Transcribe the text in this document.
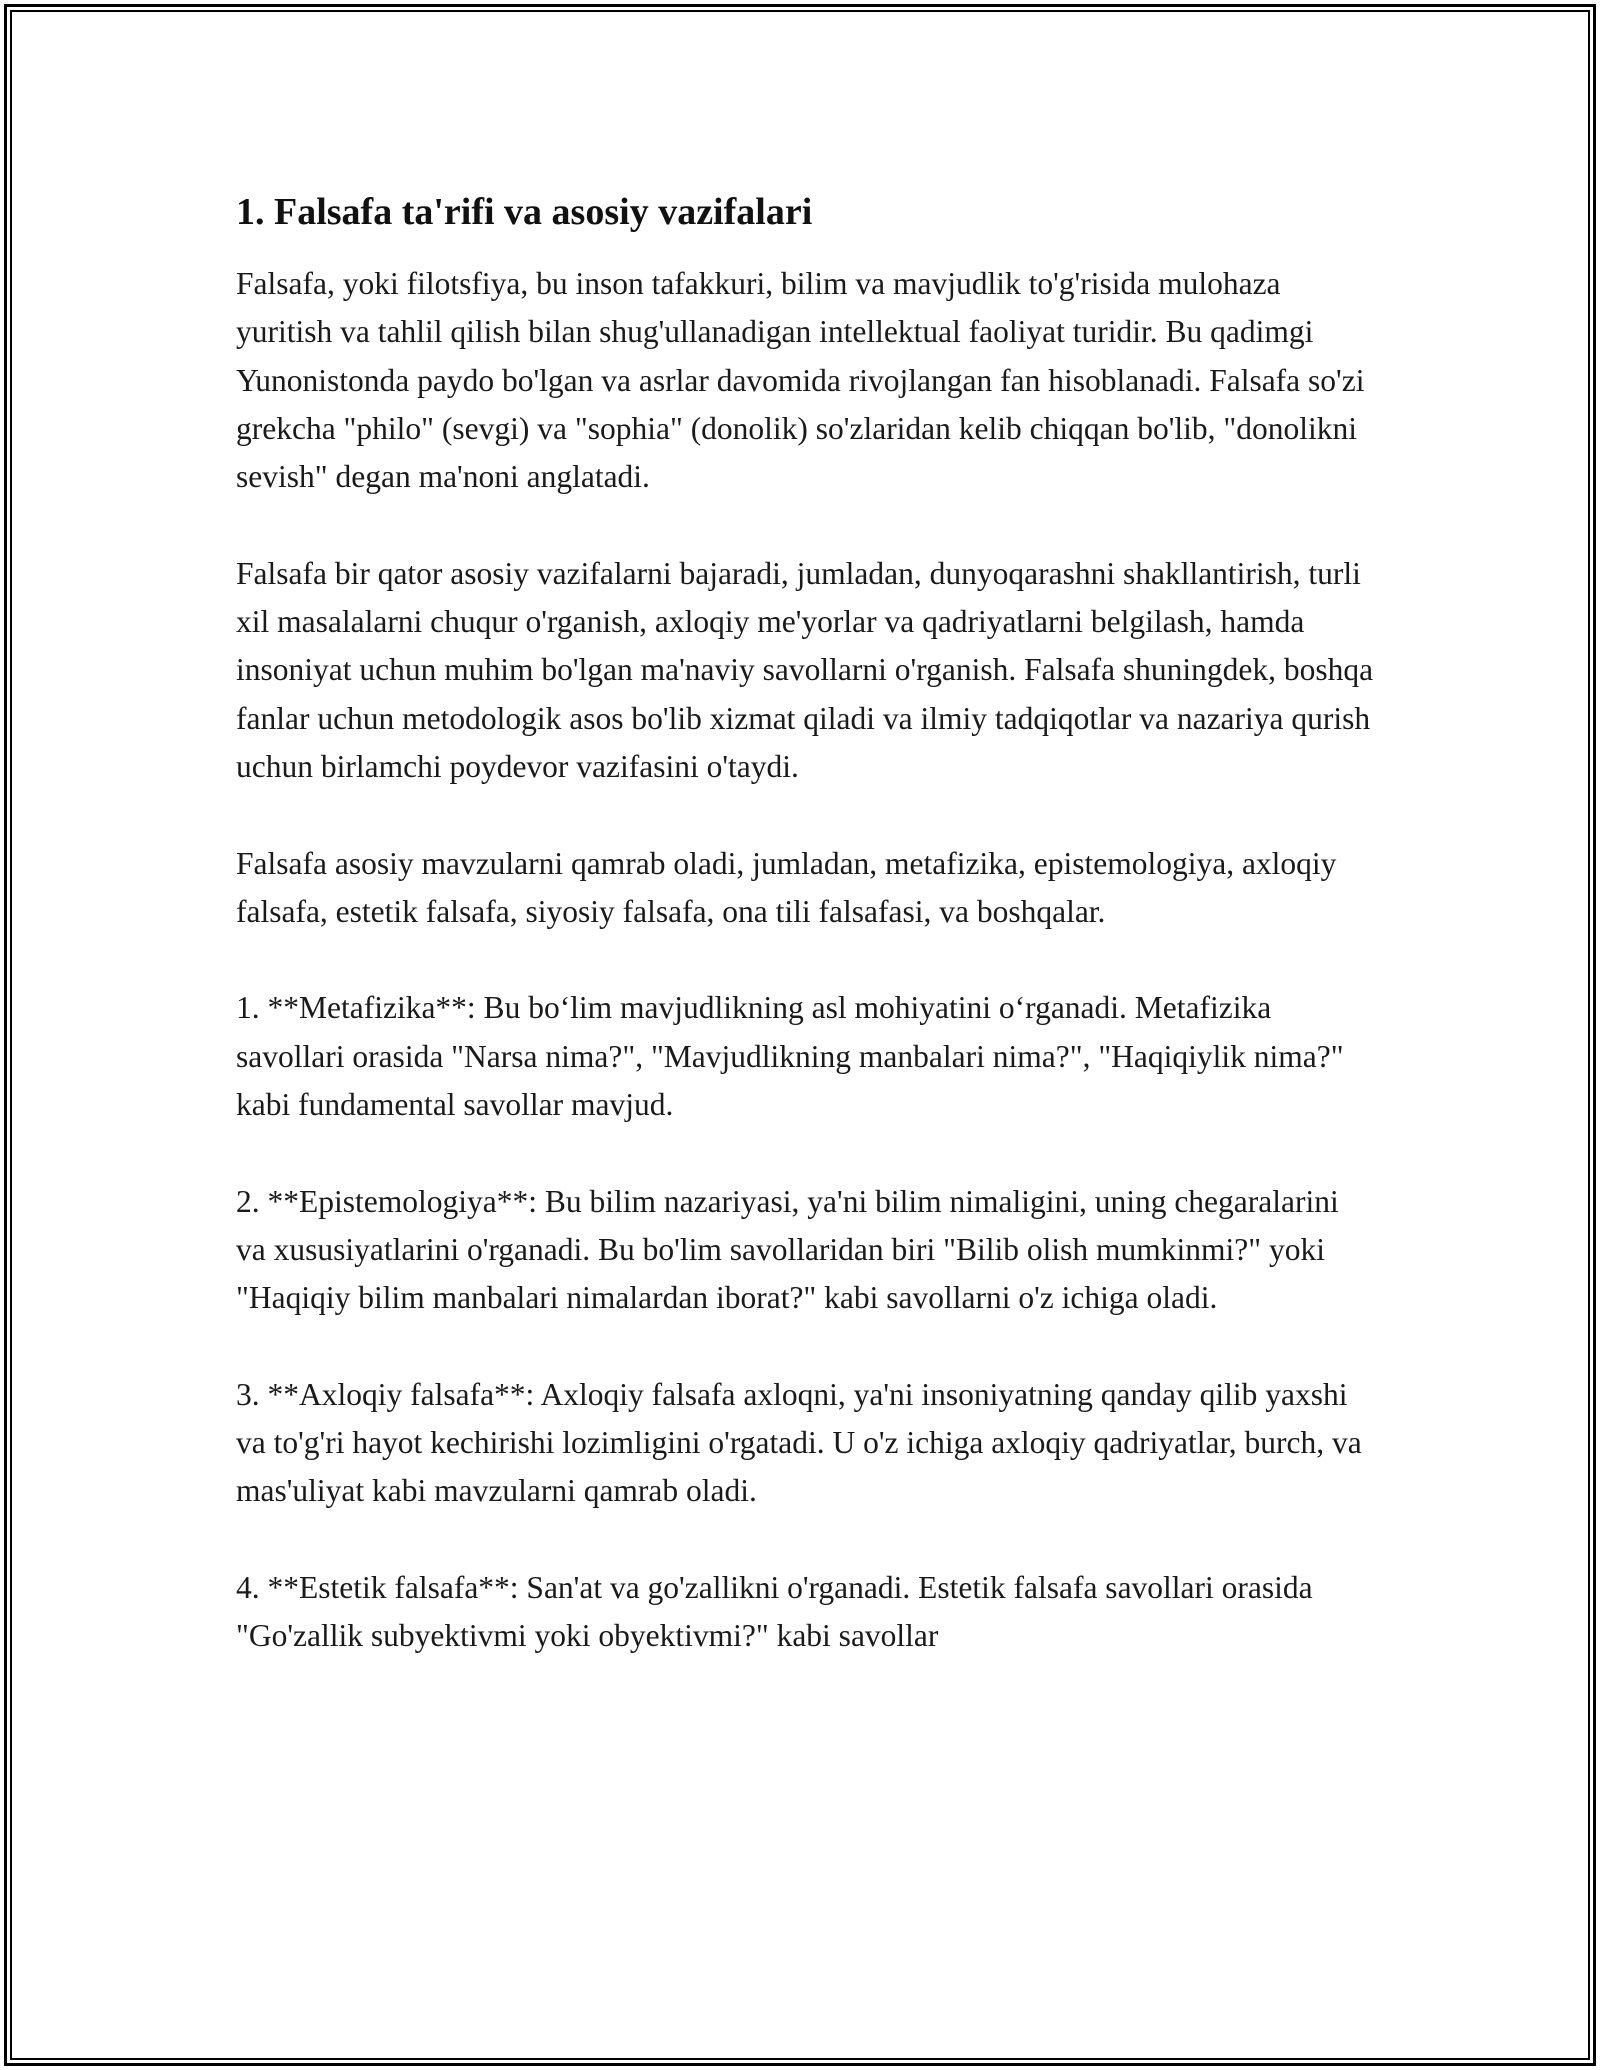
1. Falsafa ta'rifi va asosiy vazifalari

Falsafa, yoki filotsfiya, bu inson tafakkuri, bilim va mavjudlik to'g'risida mulohaza yuritish va tahlil qilish bilan shug'ullanadigan intellektual faoliyat turidir. Bu qadimgi Yunonistonda paydo bo'lgan va asrlar davomida rivojlangan fan hisoblanadi. Falsafa so'zi grekcha "philo" (sevgi) va "sophia" (donolik) so'zlaridan kelib chiqqan bo'lib, "donolikni sevish" degan ma'noni anglatadi.

Falsafa bir qator asosiy vazifalarni bajaradi, jumladan, dunyoqarashni shakllantirish, turli xil masalalarni chuqur o'rganish, axloqiy me'yorlar va qadriyatlarni belgilash, hamda insoniyat uchun muhim bo'lgan ma'naviy savollarni o'rganish. Falsafa shuningdek, boshqa fanlar uchun metodologik asos bo'lib xizmat qiladi va ilmiy tadqiqotlar va nazariya qurish uchun birlamchi poydevor vazifasini o'taydi.

Falsafa asosiy mavzularni qamrab oladi, jumladan, metafizika, epistemologiya, axloqiy falsafa, estetik falsafa, siyosiy falsafa, ona tili falsafasi, va boshqalar.

1. **Metafizika**: Bu bo‘lim mavjudlikning asl mohiyatini o‘rganadi. Metafizika savollari orasida "Narsa nima?", "Mavjudlikning manbalari nima?", "Haqiqiylik nima?" kabi fundamental savollar mavjud.

2. **Epistemologiya**: Bu bilim nazariyasi, ya'ni bilim nimaligini, uning chegaralarini va xususiyatlarini o'rganadi. Bu bo'lim savollaridan biri "Bilib olish mumkinmi?" yoki "Haqiqiy bilim manbalari nimalardan iborat?" kabi savollarni o'z ichiga oladi.

3. **Axloqiy falsafa**: Axloqiy falsafa axloqni, ya'ni insoniyatning qanday qilib yaxshi va to'g'ri hayot kechirishi lozimligini o'rgatadi. U o'z ichiga axloqiy qadriyatlar, burch, va mas'uliyat kabi mavzularni qamrab oladi.

4. **Estetik falsafa**: San'at va go'zallikni o'rganadi. Estetik falsafa savollari orasida "Go'zallik subyektivmi yoki obyektivmi?" kabi savollar
